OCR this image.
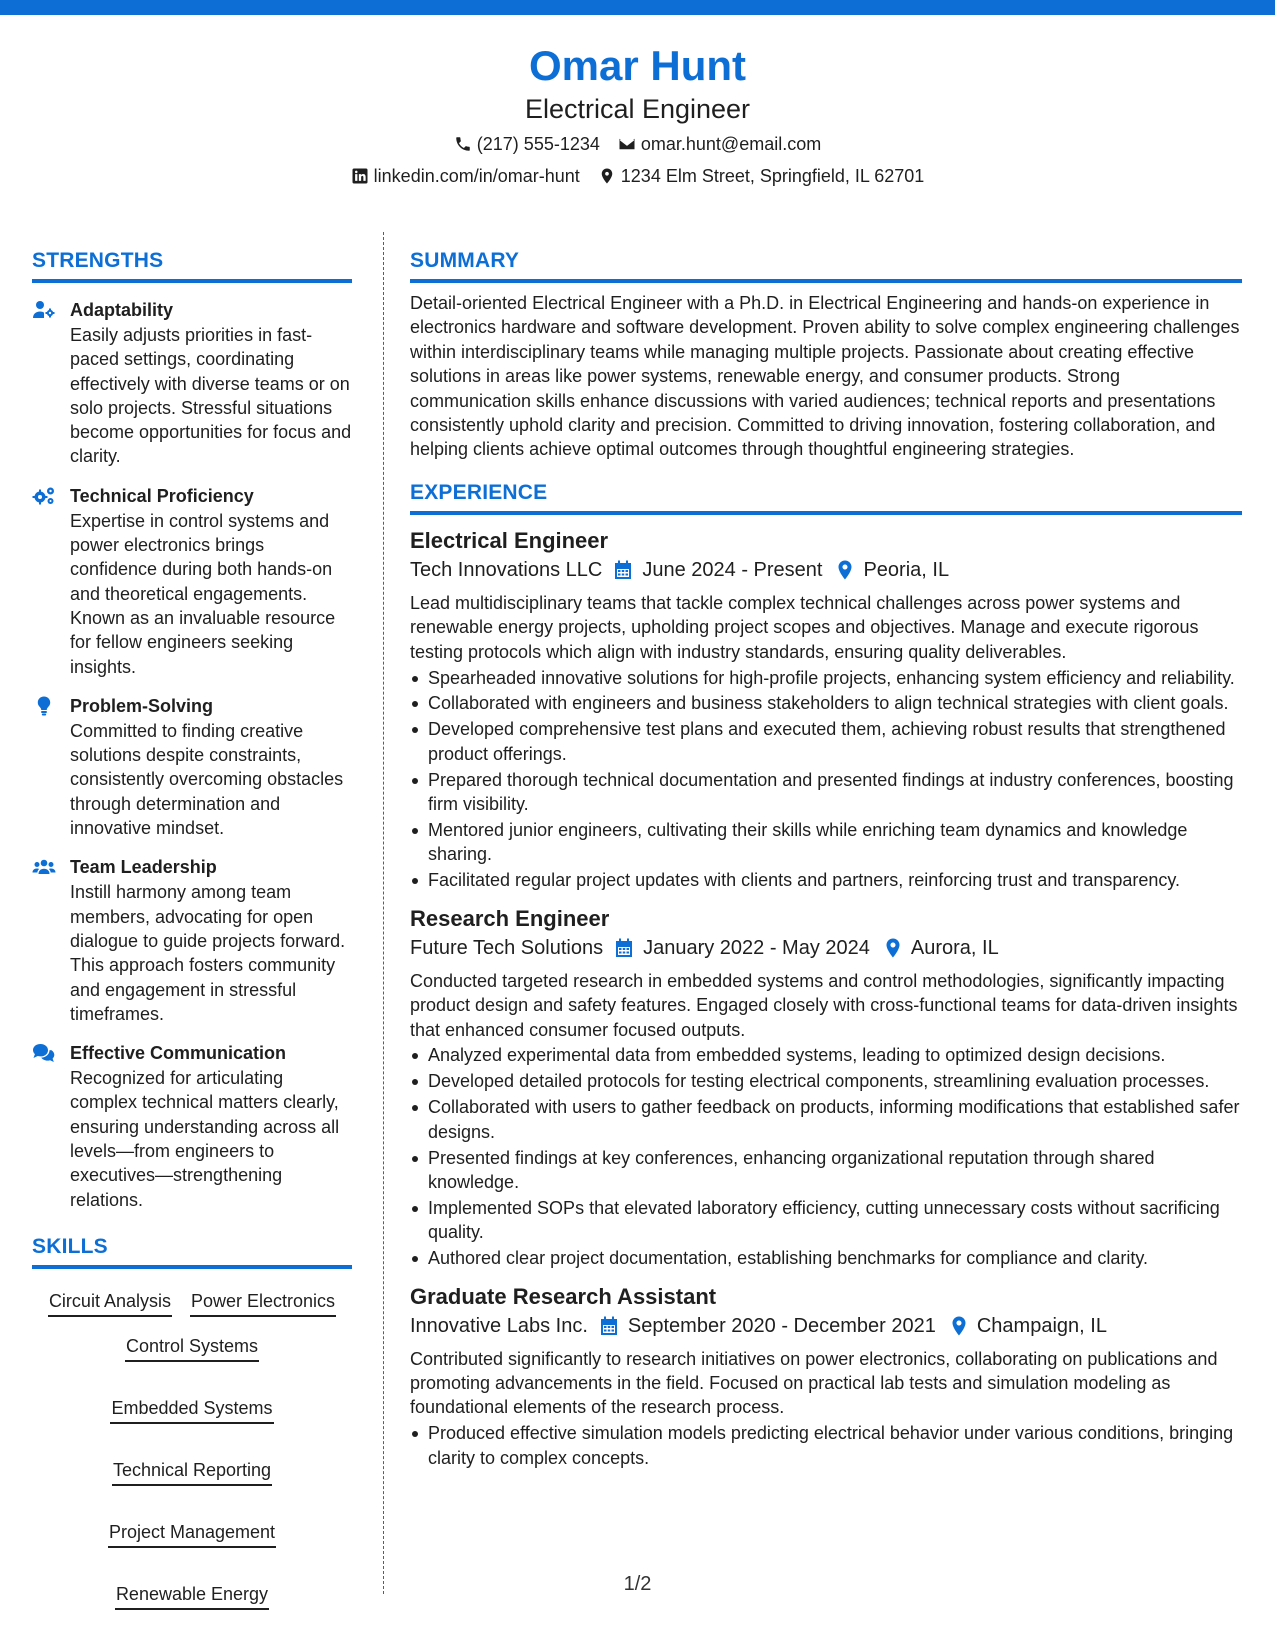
Omar Hunt
Electrical Engineer
(217) 555-1234 omar.hunt@email.com
linkedin.com/in/omar-hunt 1234 Elm Street, Springfield, IL 62701
STRENGTHS
Adaptability
Easily adjusts priorities in fast-paced settings, coordinating effectively with diverse teams or on solo projects. Stressful situations become opportunities for focus and clarity.
Technical Proficiency
Expertise in control systems and power electronics brings confidence during both hands-on and theoretical engagements. Known as an invaluable resource for fellow engineers seeking insights.
Problem-Solving
Committed to finding creative solutions despite constraints, consistently overcoming obstacles through determination and innovative mindset.
Team Leadership
Instill harmony among team members, advocating for open dialogue to guide projects forward. This approach fosters community and engagement in stressful timeframes.
Effective Communication
Recognized for articulating complex technical matters clearly, ensuring understanding across all levels—from engineers to executives—strengthening relations.
SKILLS
Circuit Analysis Power Electronics
Control Systems
Embedded Systems
Technical Reporting
Project Management
Renewable Energy
SUMMARY
Detail-oriented Electrical Engineer with a Ph.D. in Electrical Engineering and hands-on experience in electronics hardware and software development. Proven ability to solve complex engineering challenges within interdisciplinary teams while managing multiple projects. Passionate about creating effective solutions in areas like power systems, renewable energy, and consumer products. Strong communication skills enhance discussions with varied audiences; technical reports and presentations consistently uphold clarity and precision. Committed to driving innovation, fostering collaboration, and helping clients achieve optimal outcomes through thoughtful engineering strategies.
EXPERIENCE
Electrical Engineer
Tech Innovations LLC June 2024 - Present Peoria, IL
Lead multidisciplinary teams that tackle complex technical challenges across power systems and renewable energy projects, upholding project scopes and objectives. Manage and execute rigorous testing protocols which align with industry standards, ensuring quality deliverables.
Spearheaded innovative solutions for high-profile projects, enhancing system efficiency and reliability.
Collaborated with engineers and business stakeholders to align technical strategies with client goals.
Developed comprehensive test plans and executed them, achieving robust results that strengthened product offerings.
Prepared thorough technical documentation and presented findings at industry conferences, boosting firm visibility.
Mentored junior engineers, cultivating their skills while enriching team dynamics and knowledge sharing.
Facilitated regular project updates with clients and partners, reinforcing trust and transparency.
Research Engineer
Future Tech Solutions January 2022 - May 2024 Aurora, IL
Conducted targeted research in embedded systems and control methodologies, significantly impacting product design and safety features. Engaged closely with cross-functional teams for data-driven insights that enhanced consumer focused outputs.
Analyzed experimental data from embedded systems, leading to optimized design decisions.
Developed detailed protocols for testing electrical components, streamlining evaluation processes.
Collaborated with users to gather feedback on products, informing modifications that established safer designs.
Presented findings at key conferences, enhancing organizational reputation through shared knowledge.
Implemented SOPs that elevated laboratory efficiency, cutting unnecessary costs without sacrificing quality.
Authored clear project documentation, establishing benchmarks for compliance and clarity.
Graduate Research Assistant
Innovative Labs Inc. September 2020 - December 2021 Champaign, IL
Contributed significantly to research initiatives on power electronics, collaborating on publications and promoting advancements in the field. Focused on practical lab tests and simulation modeling as foundational elements of the research process.
Produced effective simulation models predicting electrical behavior under various conditions, bringing clarity to complex concepts.
1/2
